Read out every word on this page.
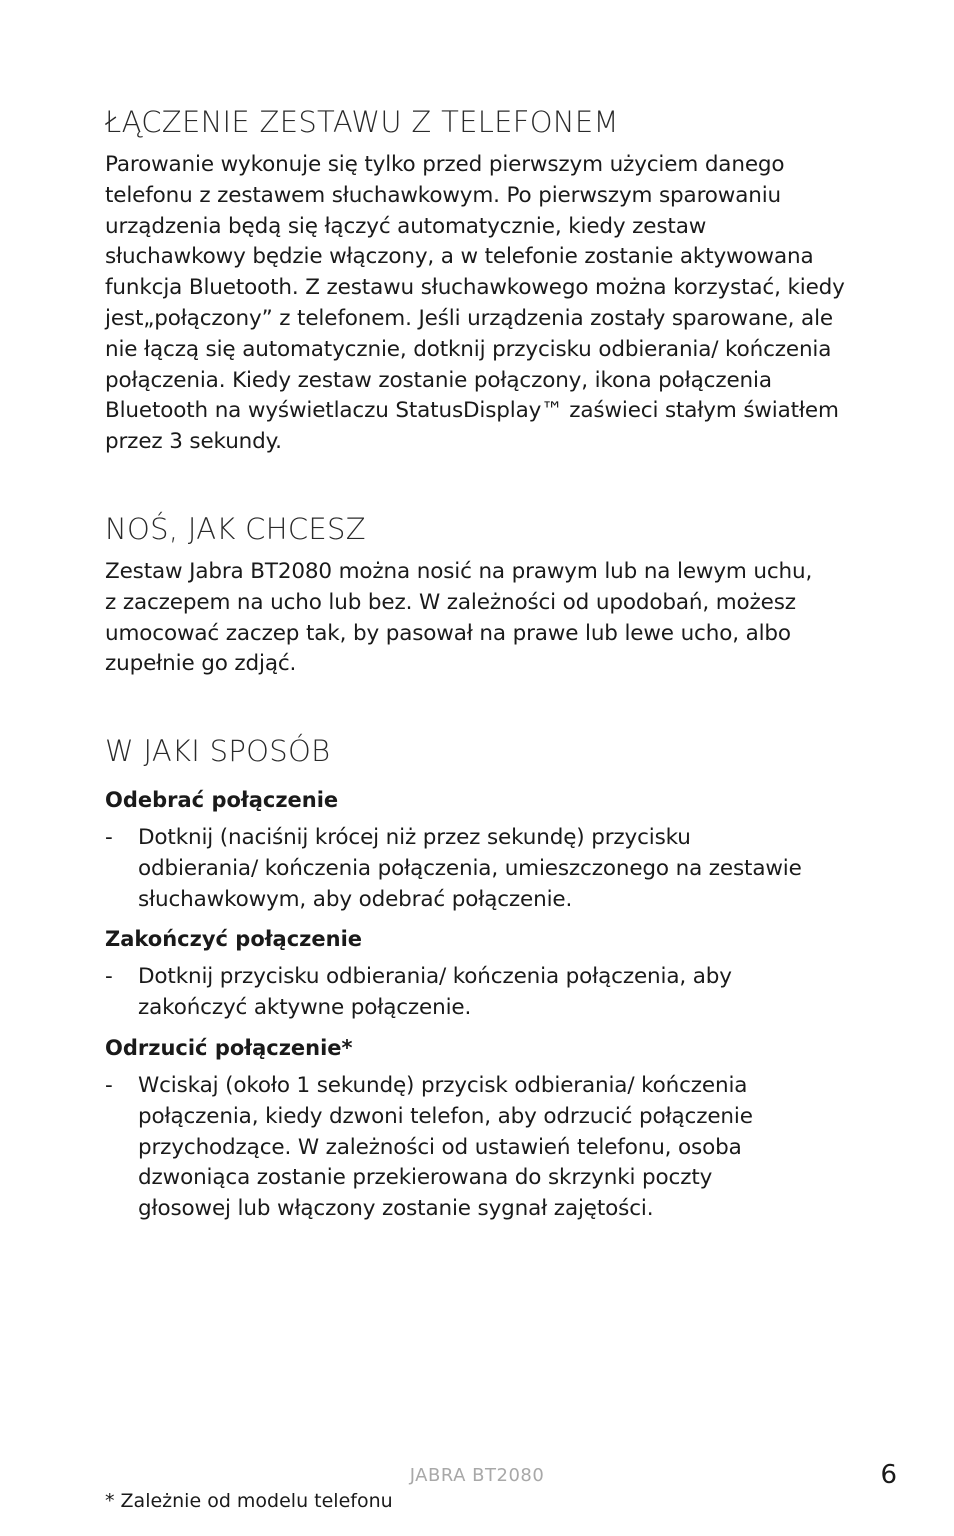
ŁĄCZENIE ZESTAWU Z TELEFONEM

Parowanie wykonuje się tylko przed pierwszym użyciem danego
telefonu z zestawem słuchawkowym. Po pierwszym sparowaniu
urządzenia będą się łączyć automatycznie, kiedy zestaw
słuchawkowy będzie włączony, a w telefonie zostanie aktywowana
funkcja Bluetooth. Z zestawu słuchawkowego można korzystać, kiedy
jest„połączony” z telefonem. Jeśli urządzenia zostały sparowane, ale
nie łączą się automatycznie, dotknij przycisku odbierania/ kończenia
połączenia. Kiedy zestaw zostanie połączony, ikona połączenia
Bluetooth na wyświetlaczu StatusDisplay™ zaświeci stałym światłem
przez 3 sekundy.

NOŚ, JAK CHCESZ

Zestaw Jabra BT2080 można nosić na prawym lub na lewym uchu,
z zaczepem na ucho lub bez. W zależności od upodobań, możesz
umocować zaczep tak, by pasował na prawe lub lewe ucho, albo
zupełnie go zdjąć.

W JAKI SPOSÓB
Odebrać połączenie
- Dotknij (naciśnij krócej niż przez sekundę) przycisku
odbierania/ kończenia połączenia, umieszczonego na zestawie
słuchawkowym, aby odebrać połączenie.
Zakończyć połączenie
- Dotknij przycisku odbierania/ kończenia połączenia, aby
zakończyć aktywne połączenie.
Odrzucić połączenie*
- Wciskaj (około 1 sekundę) przycisk odbierania/ kończenia
połączenia, kiedy dzwoni telefon, aby odrzucić połączenie
przychodzące. W zależności od ustawień telefonu, osoba
dzwoniąca zostanie przekierowana do skrzynki poczty
głosowej lub włączony zostanie sygnał zajętości.
JABRA BT2080	6
* Zależnie od modelu telefonu
